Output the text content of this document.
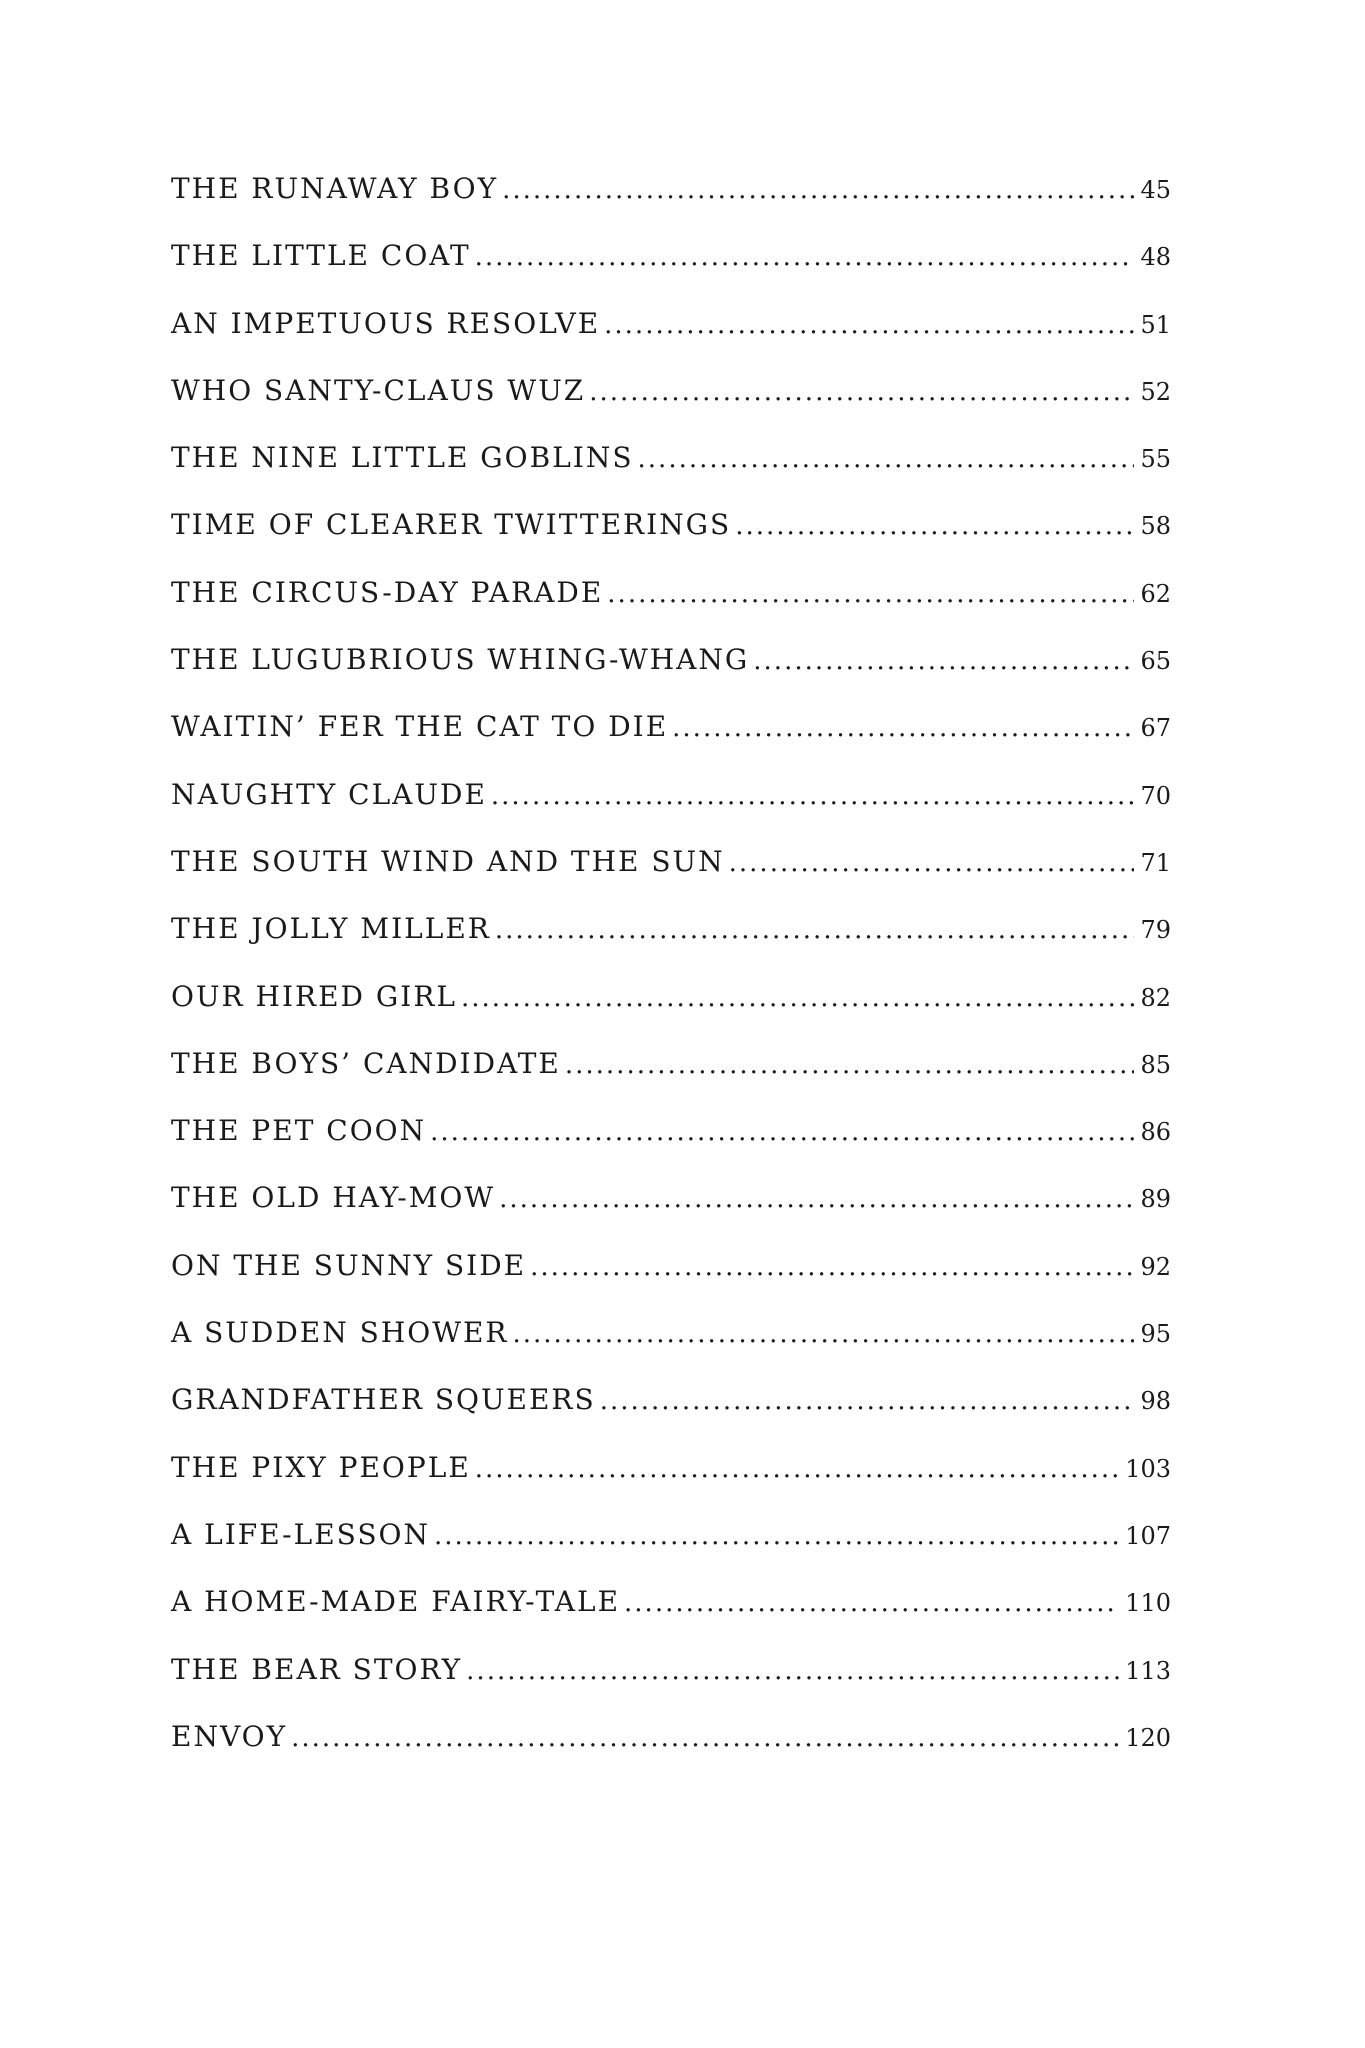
THE RUNAWAY BOY .....	45
THE LITTLE COAT .....	48
AN IMPETUOUS RESOLVE .....	51
WHO SANTY-CLAUS WUZ .....	52
THE NINE LITTLE GOBLINS .....	55
TIME OF CLEARER TWITTERINGS .....	58
THE CIRCUS-DAY PARADE .....	62
THE LUGUBRIOUS WHING-WHANG .....	65
WAITIN’ FER THE CAT TO DIE .....	67
NAUGHTY CLAUDE .....	70
THE SOUTH WIND AND THE SUN .....	71
THE JOLLY MILLER .....	79
OUR HIRED GIRL .....	82
THE BOYS’ CANDIDATE .....	85
THE PET COON .....	86
THE OLD HAY-MOW .....	89
ON THE SUNNY SIDE .....	92
A SUDDEN SHOWER .....	95
GRANDFATHER SQUEERS .....	98
THE PIXY PEOPLE .....	103
A LIFE-LESSON .....	107
A HOME-MADE FAIRY-TALE .....	110
THE BEAR STORY .....	113
ENVOY .....	120
